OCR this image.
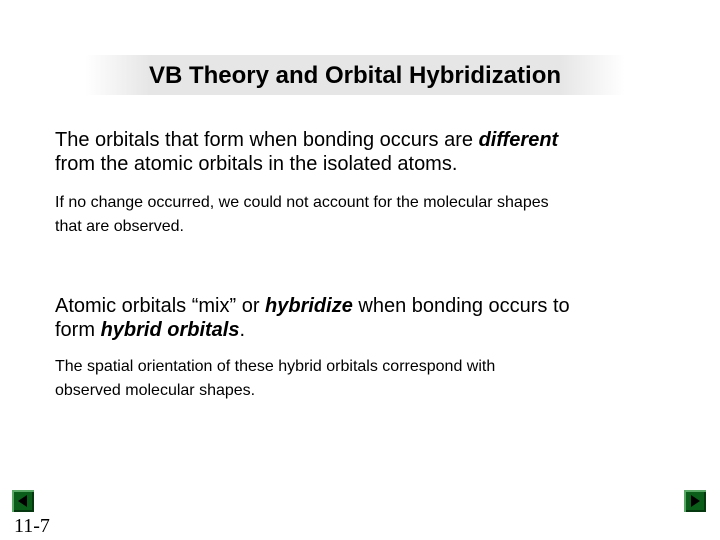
VB Theory and Orbital Hybridization
The orbitals that form when bonding occurs are different
from the atomic orbitals in the isolated atoms.
If no change occurred, we could not account for the molecular shapes
that are observed.
Atomic orbitals “mix” or hybridize when bonding occurs to
form hybrid orbitals.
The spatial orientation of these hybrid orbitals correspond with
observed molecular shapes.
11-7
